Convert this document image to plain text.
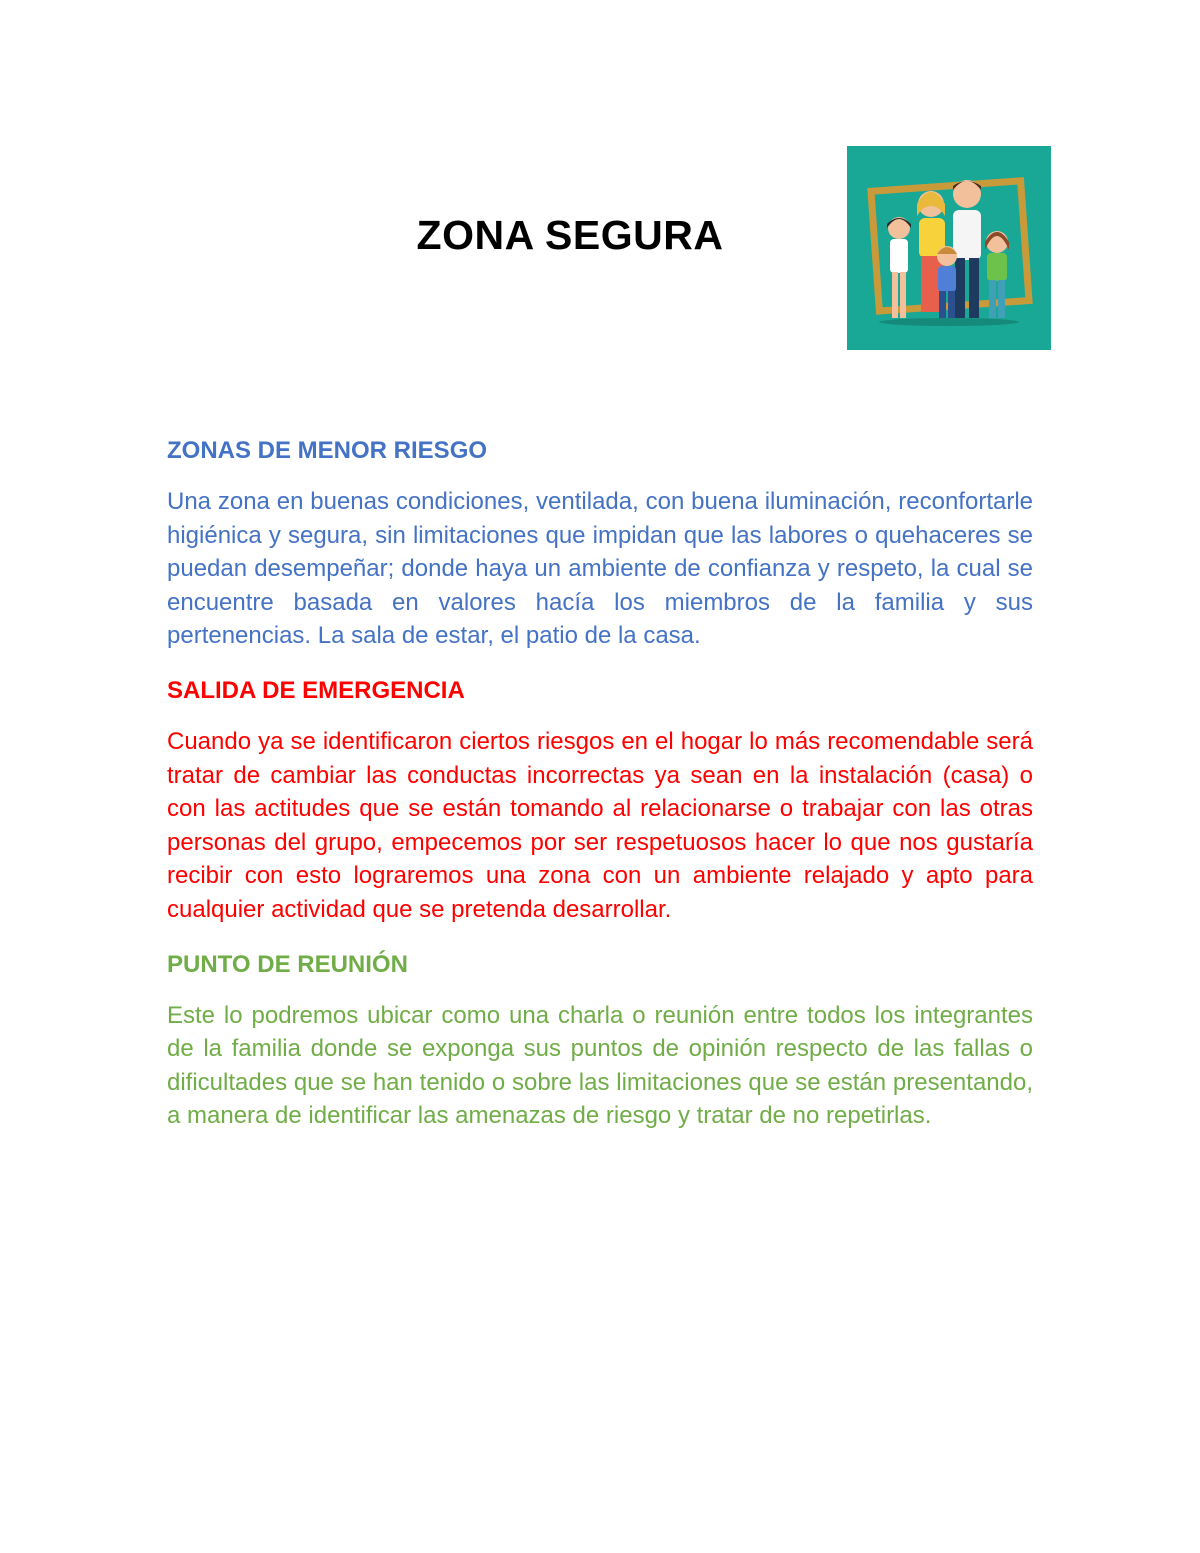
ZONA SEGURA

ZONAS DE MENOR RIESGO

Una zona en buenas condiciones, ventilada, con buena iluminación, reconfortarle higiénica y segura, sin limitaciones que impidan que las labores o quehaceres se puedan desempeñar; donde haya un ambiente de confianza y respeto, la cual se encuentre basada en valores hacía los miembros de la familia y sus pertenencias. La sala de estar, el patio de la casa.

SALIDA DE EMERGENCIA

Cuando ya se identificaron ciertos riesgos en el hogar lo más recomendable será tratar de cambiar las conductas incorrectas ya sean en la instalación (casa) o con las actitudes que se están tomando al relacionarse o trabajar con las otras personas del grupo, empecemos por ser respetuosos hacer lo que nos gustaría recibir con esto lograremos una zona con un ambiente relajado y apto para cualquier actividad que se pretenda desarrollar.

PUNTO DE REUNIÓN

Este lo podremos ubicar como una charla o reunión entre todos los integrantes de la familia donde se exponga sus puntos de opinión respecto de las fallas o dificultades que se han tenido o sobre las limitaciones que se están presentando, a manera de identificar las amenazas de riesgo y tratar de no repetirlas.
